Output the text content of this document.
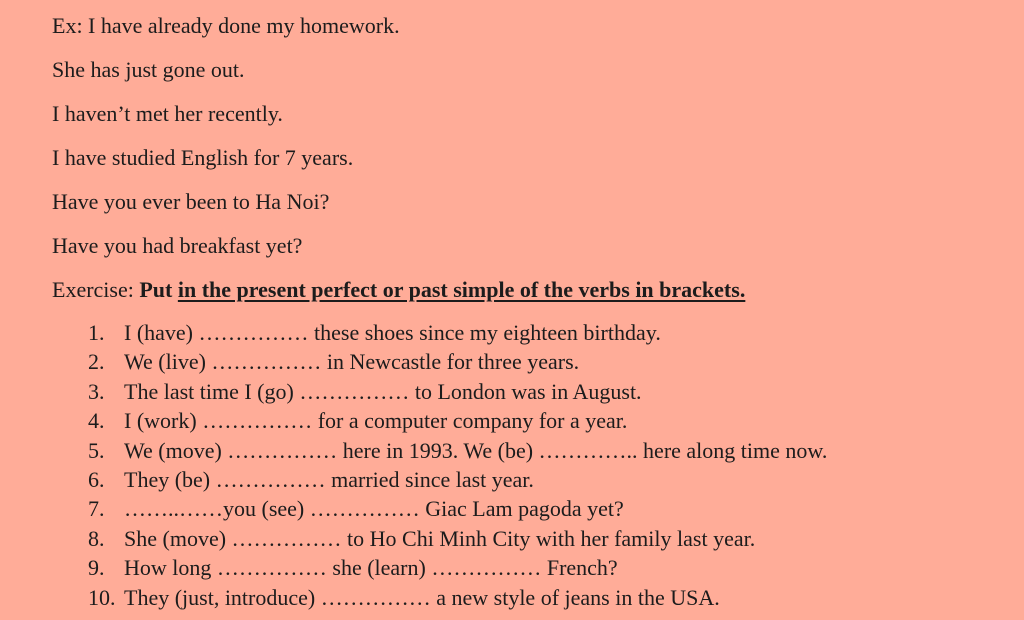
Ex: I have already done my homework.
She has just gone out.
I haven’t met her recently.
I have studied English for 7 years.
Have you ever been to Ha Noi?
Have you had breakfast yet?
Exercise: Put in the present perfect or past simple of the verbs in brackets.
1. I (have) …………… these shoes since my eighteen birthday.
2. We (live) …………… in Newcastle for three years.
3. The last time I (go) …………… to London was in August.
4. I (work) …………… for a computer company for a year.
5. We (move) …………… here in 1993. We (be) ………….. here along time now.
6. They (be) …………… married since last year.
7. ……..……you (see) …………… Giac Lam pagoda yet?
8. She (move) …………… to Ho Chi Minh City with her family last year.
9. How long …………… she (learn) …………… French?
10. They (just, introduce) …………… a new style of jeans in the USA.
